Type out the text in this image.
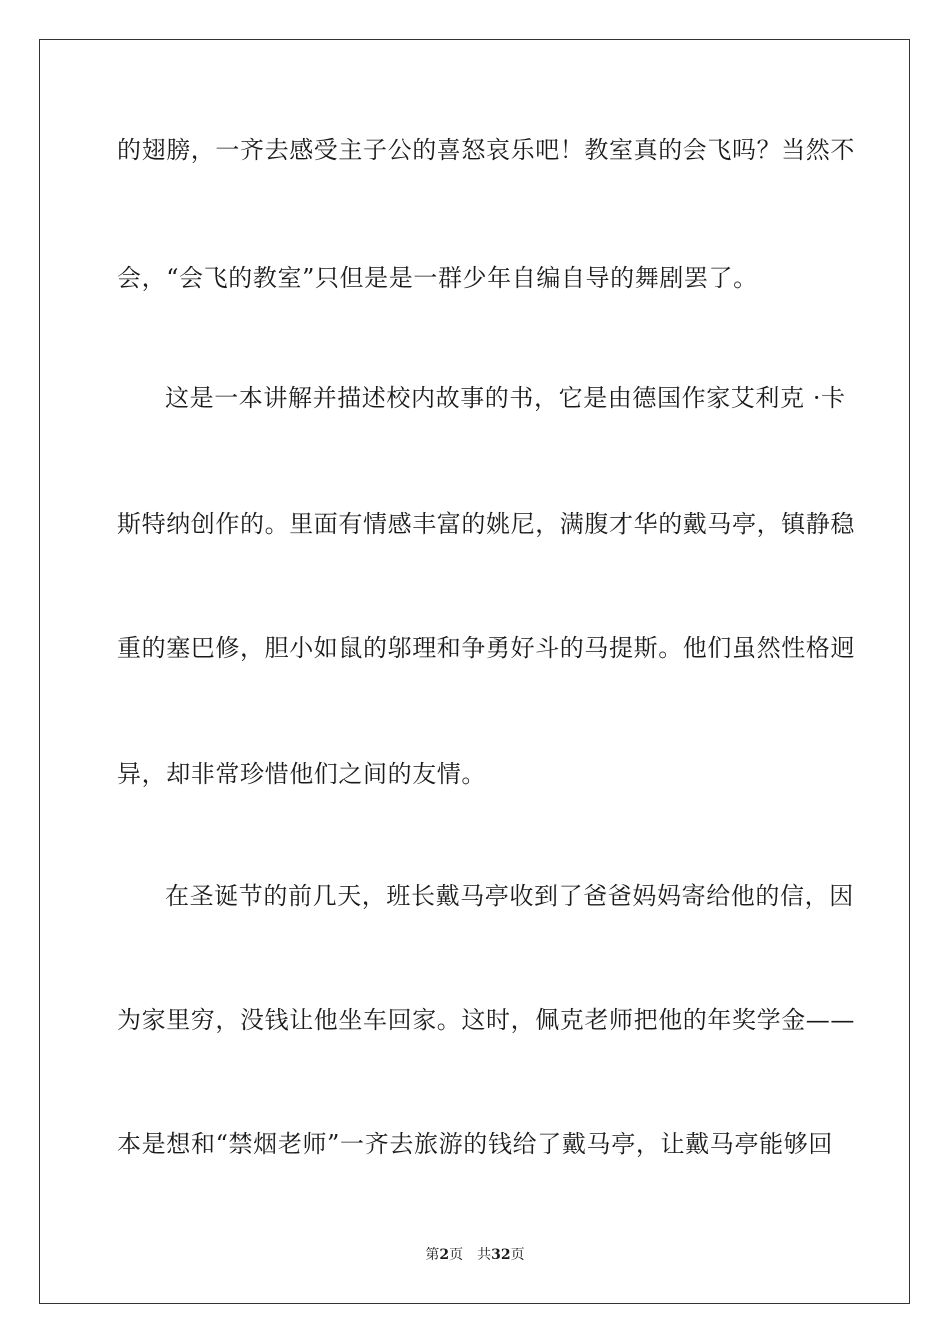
的翅膀，一齐去感受主子公的喜怒哀乐吧！教室真的会飞吗？当然不
会，“会飞的教室”只但是是一群少年自编自导的舞剧罢了。
这是一本讲解并描述校内故事的书，它是由德国作家艾利克 ·卡
斯特纳创作的。里面有情感丰富的姚尼，满腹才华的戴马亭，镇静稳
重的塞巴修，胆小如鼠的邬理和争勇好斗的马提斯。他们虽然性格迥
异，却非常珍惜他们之间的友情。
在圣诞节的前几天，班长戴马亭收到了爸爸妈妈寄给他的信，因
为家里穷，没钱让他坐车回家。这时，佩克老师把他的年奖学金——
本是想和“禁烟老师”一齐去旅游的钱给了戴马亭，让戴马亭能够回
第2页 共32页
